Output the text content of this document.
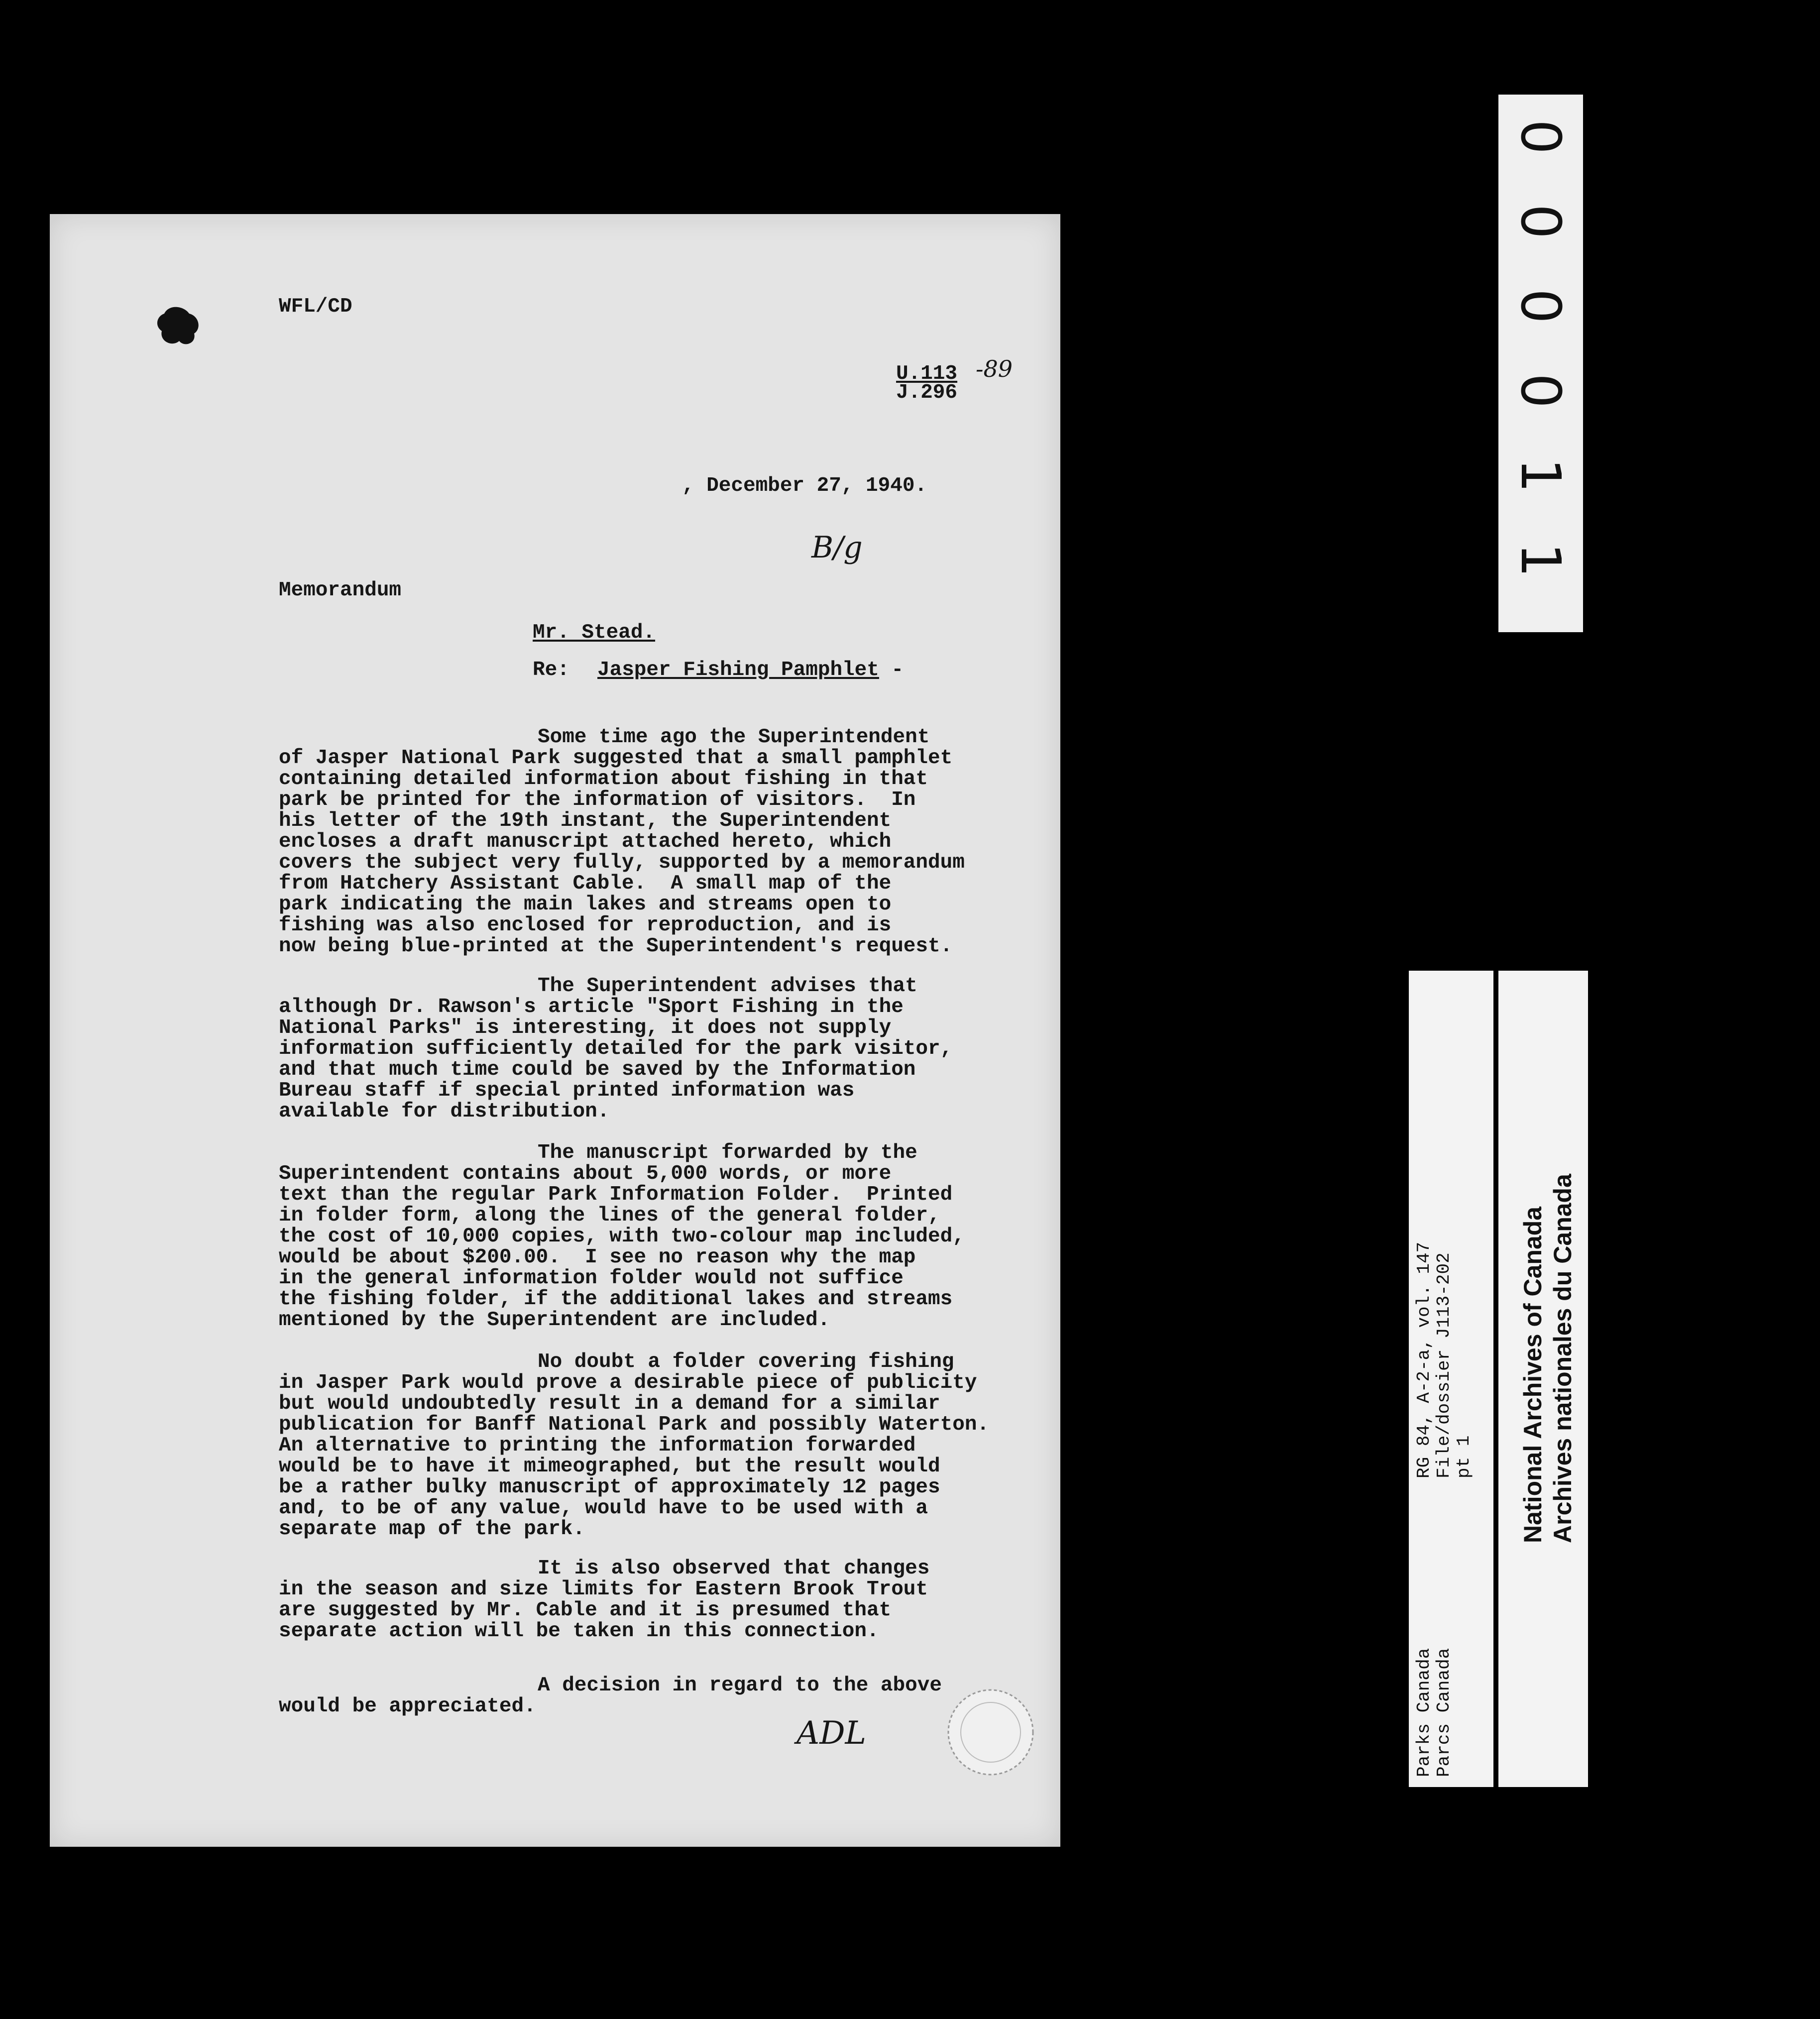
WFL/CD
U.113
J.296
-89
, December 27, 1940.
B/g
Memorandum
Mr. Stead.
Re: Jasper Fishing Pamphlet -
Some time ago the Superintendent
of Jasper National Park suggested that a small pamphlet
containing detailed information about fishing in that
park be printed for the information of visitors.  In
his letter of the 19th instant, the Superintendent
encloses a draft manuscript attached hereto, which
covers the subject very fully, supported by a memorandum
from Hatchery Assistant Cable.  A small map of the
park indicating the main lakes and streams open to
fishing was also enclosed for reproduction, and is
now being blue-printed at the Superintendent's request.
The Superintendent advises that
although Dr. Rawson's article "Sport Fishing in the
National Parks" is interesting, it does not supply
information sufficiently detailed for the park visitor,
and that much time could be saved by the Information
Bureau staff if special printed information was
available for distribution.
The manuscript forwarded by the
Superintendent contains about 5,000 words, or more
text than the regular Park Information Folder.  Printed
in folder form, along the lines of the general folder,
the cost of 10,000 copies, with two-colour map included,
would be about $200.00.  I see no reason why the map
in the general information folder would not suffice
the fishing folder, if the additional lakes and streams
mentioned by the Superintendent are included.
No doubt a folder covering fishing
in Jasper Park would prove a desirable piece of publicity
but would undoubtedly result in a demand for a similar
publication for Banff National Park and possibly Waterton.
An alternative to printing the information forwarded
would be to have it mimeographed, but the result would
be a rather bulky manuscript of approximately 12 pages
and, to be of any value, would have to be used with a
separate map of the park.
It is also observed that changes
in the season and size limits for Eastern Brook Trout
are suggested by Mr. Cable and it is presumed that
separate action will be taken in this connection.
A decision in regard to the above
would be appreciated.
ADL
0
0
0
0
1
1
Parks Canada Parcs Canada
RG 84, A-2-a, vol. 147 File/dossier J113-202 pt 1 National Archives of Canada Archives nationales du Canada
